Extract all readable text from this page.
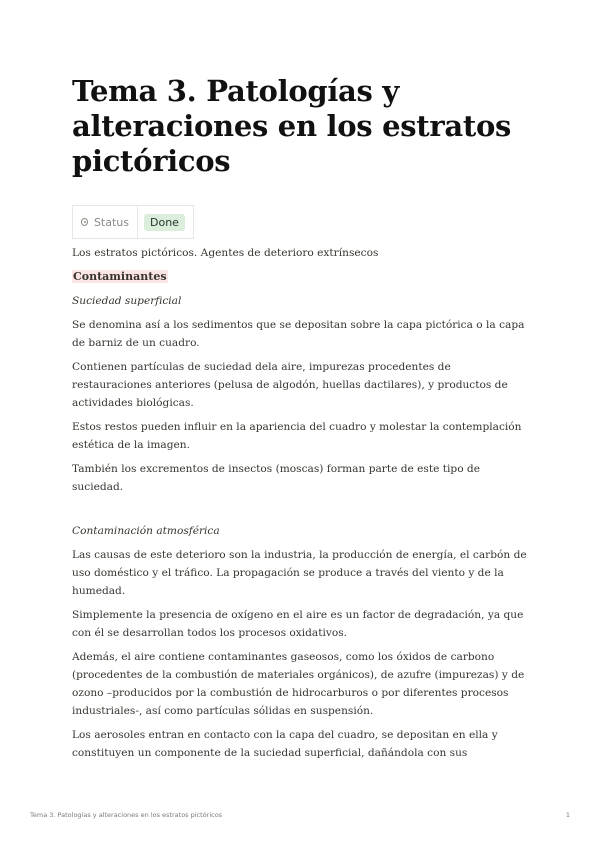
Tema 3. Patologías y alteraciones en los estratos pictóricos
Status	Done

Los estratos pictóricos. Agentes de deterioro extrínsecos

Contaminantes

Suciedad superficial

Se denomina así a los sedimentos que se depositan sobre la capa pictórica o la capa de barniz de un cuadro.

Contienen partículas de suciedad dela aire, impurezas procedentes de restauraciones anteriores (pelusa de algodón, huellas dactilares), y productos de actividades biológicas.

Estos restos pueden influir en la apariencia del cuadro y molestar la contemplación estética de la imagen.

También los excrementos de insectos (moscas) forman parte de este tipo de suciedad.

Contaminación atmosférica

Las causas de este deterioro son la industria, la producción de energía, el carbón de uso doméstico y el tráfico. La propagación se produce a través del viento y de la humedad.

Simplemente la presencia de oxígeno en el aire es un factor de degradación, ya que con él se desarrollan todos los procesos oxidativos.

Además, el aire contiene contaminantes gaseosos, como los óxidos de carbono (procedentes de la combustión de materiales orgánicos), de azufre (impurezas) y de ozono –producidos por la combustión de hidrocarburos o por diferentes procesos industriales-, así como partículas sólidas en suspensión.

Los aerosoles entran en contacto con la capa del cuadro, se depositan en ella y constituyen un componente de la suciedad superficial, dañándola con sus

Tema 3. Patologías y alteraciones en los estratos pictóricos	1
